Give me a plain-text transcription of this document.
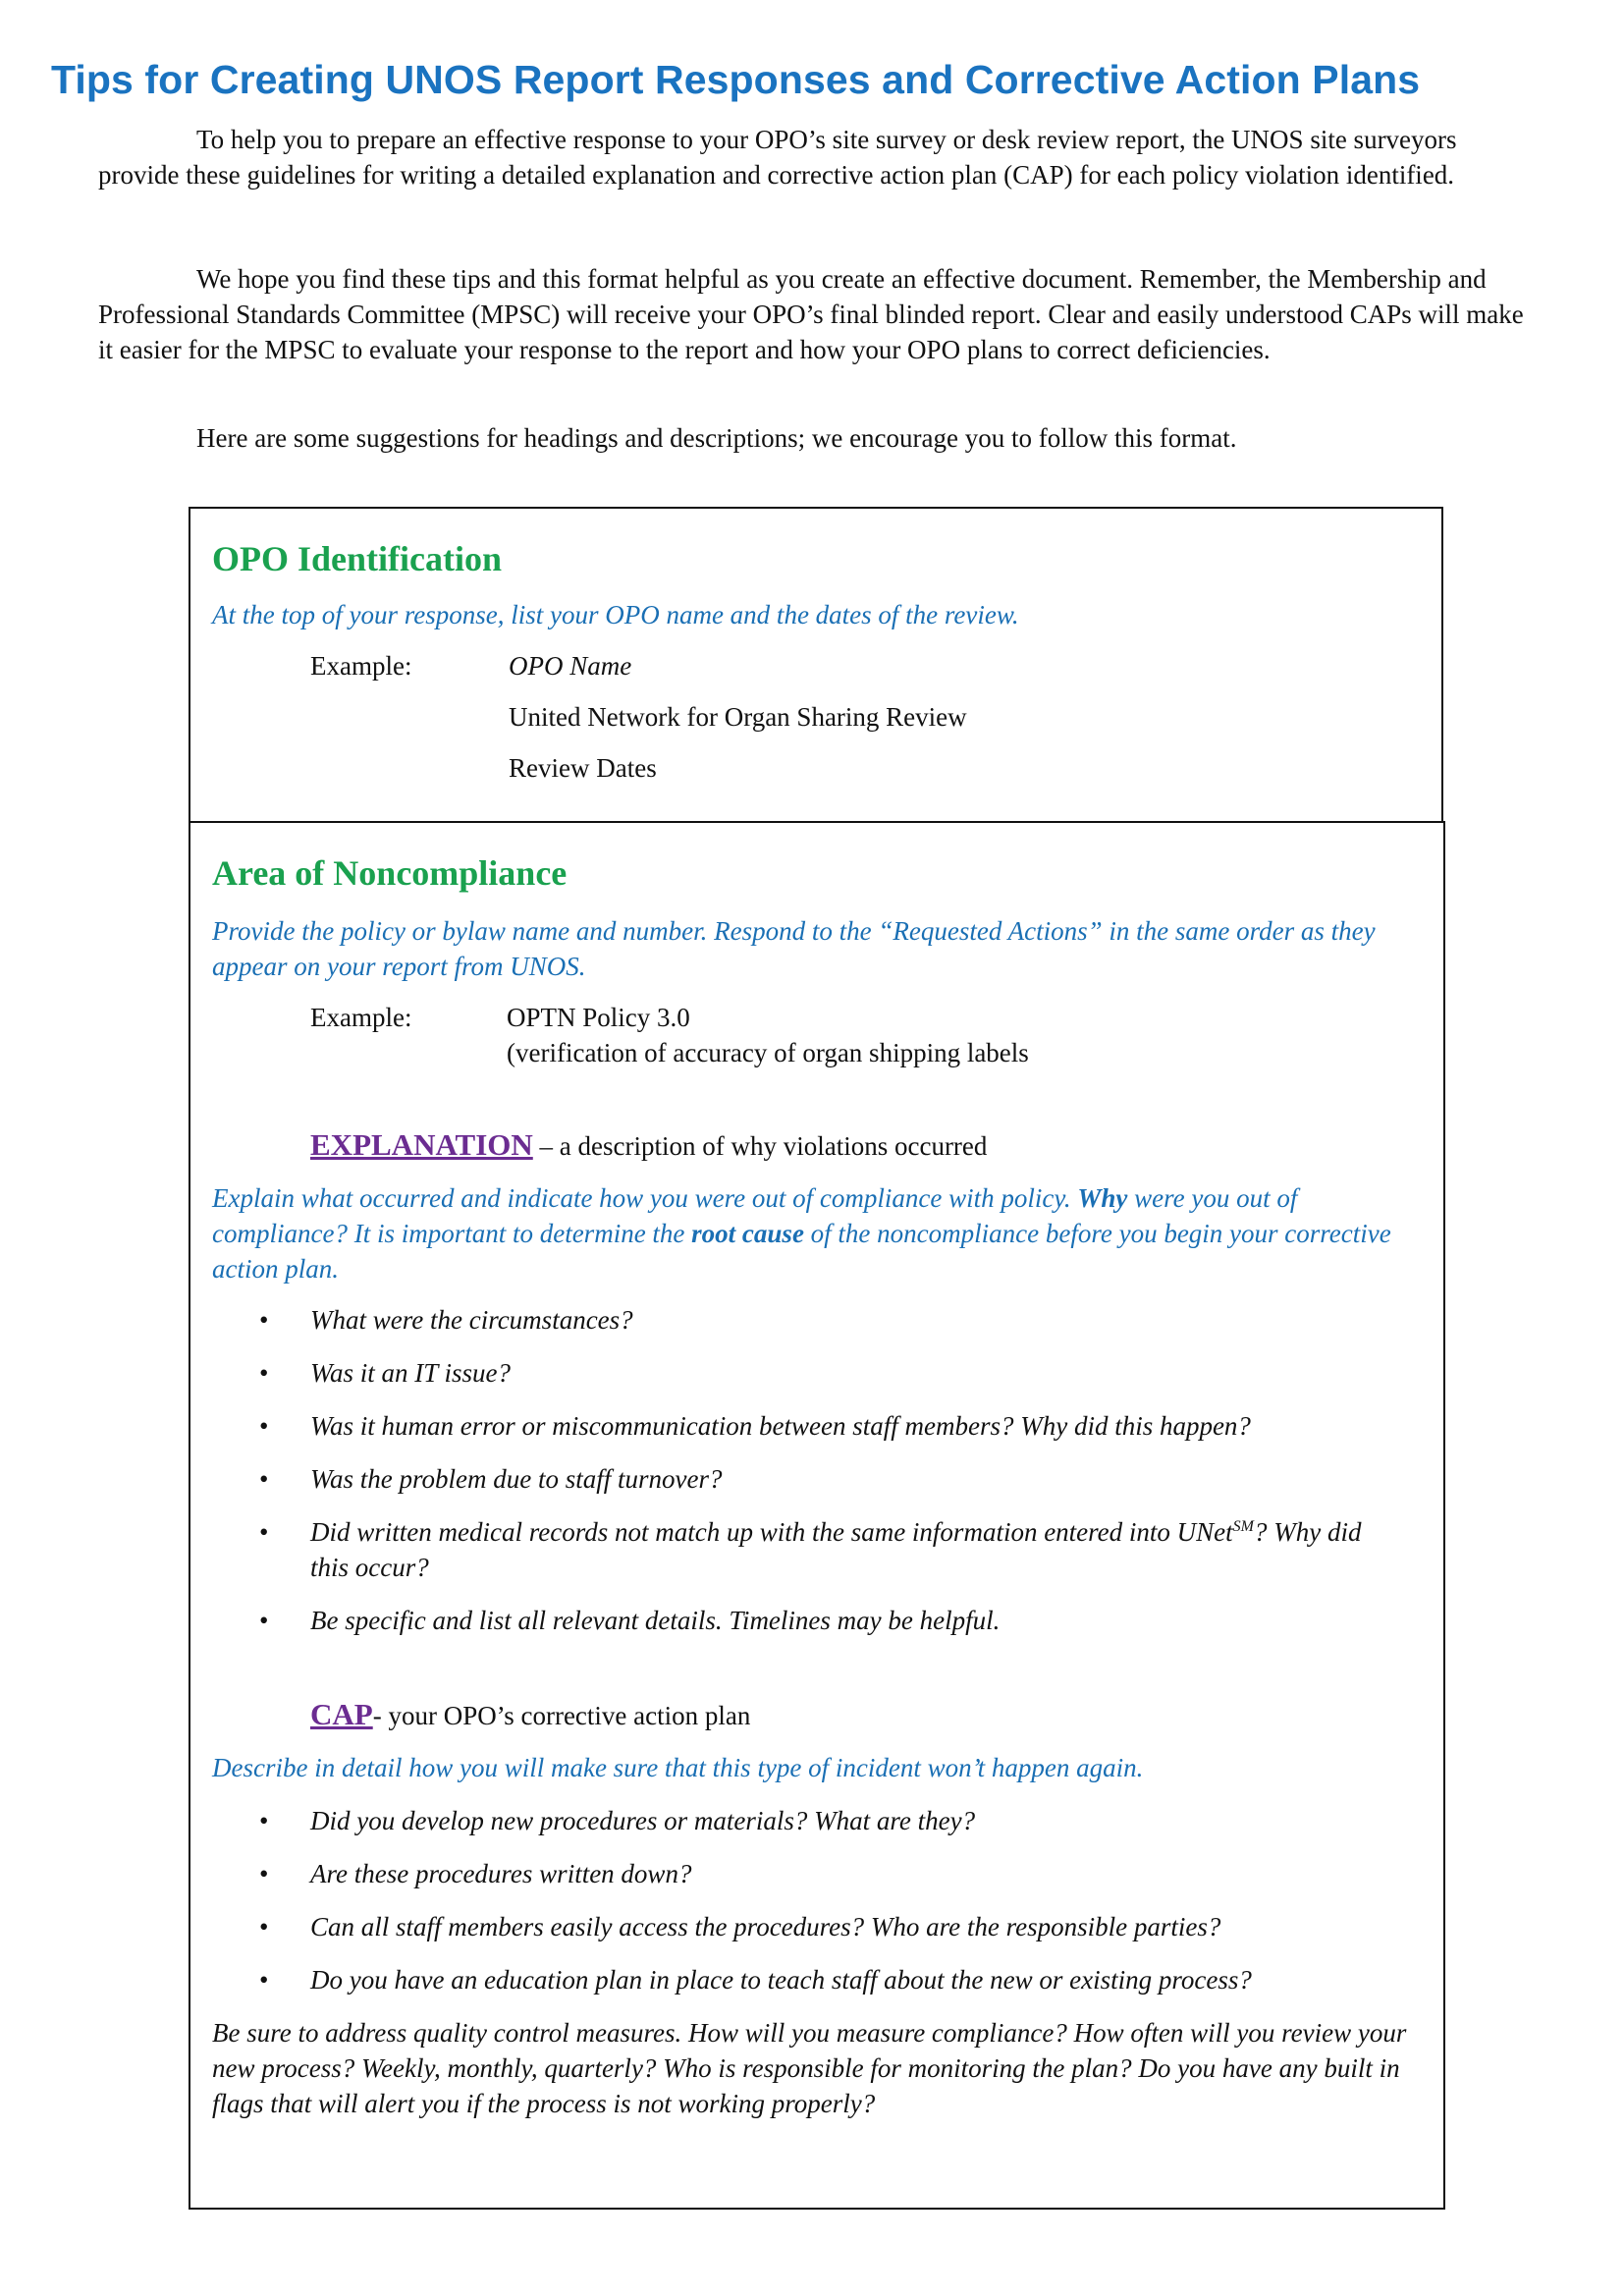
Tips for Creating UNOS Report Responses and Corrective Action Plans

To help you to prepare an effective response to your OPO’s site survey or desk review report, the UNOS site surveyors provide these guidelines for writing a detailed explanation and corrective action plan (CAP) for each policy violation identified.

We hope you find these tips and this format helpful as you create an effective document. Remember, the Membership and Professional Standards Committee (MPSC) will receive your OPO’s final blinded report. Clear and easily understood CAPs will make it easier for the MPSC to evaluate your response to the report and how your OPO plans to correct deficiencies.

Here are some suggestions for headings and descriptions; we encourage you to follow this format.

OPO Identification

At the top of your response, list your OPO name and the dates of the review.

Example:	OPO Name

United Network for Organ Sharing Review

Review Dates

Area of Noncompliance

Provide the policy or bylaw name and number. Respond to the “Requested Actions” in the same order as they appear on your report from UNOS.

Example:	OPTN Policy 3.0

(verification of accuracy of organ shipping labels

EXPLANATION – a description of why violations occurred

Explain what occurred and indicate how you were out of compliance with policy. Why were you out of compliance? It is important to determine the root cause of the noncompliance before you begin your corrective action plan.

• What were the circumstances?
• Was it an IT issue?
• Was it human error or miscommunication between staff members? Why did this happen?
• Was the problem due to staff turnover?
• Did written medical records not match up with the same information entered into UNet℠? Why did this occur?
• Be specific and list all relevant details. Timelines may be helpful.

CAP- your OPO’s corrective action plan

Describe in detail how you will make sure that this type of incident won’t happen again.

• Did you develop new procedures or materials? What are they?
• Are these procedures written down?
• Can all staff members easily access the procedures? Who are the responsible parties?
• Do you have an education plan in place to teach staff about the new or existing process?

Be sure to address quality control measures. How will you measure compliance? How often will you review your new process? Weekly, monthly, quarterly? Who is responsible for monitoring the plan? Do you have any built in flags that will alert you if the process is not working properly?
